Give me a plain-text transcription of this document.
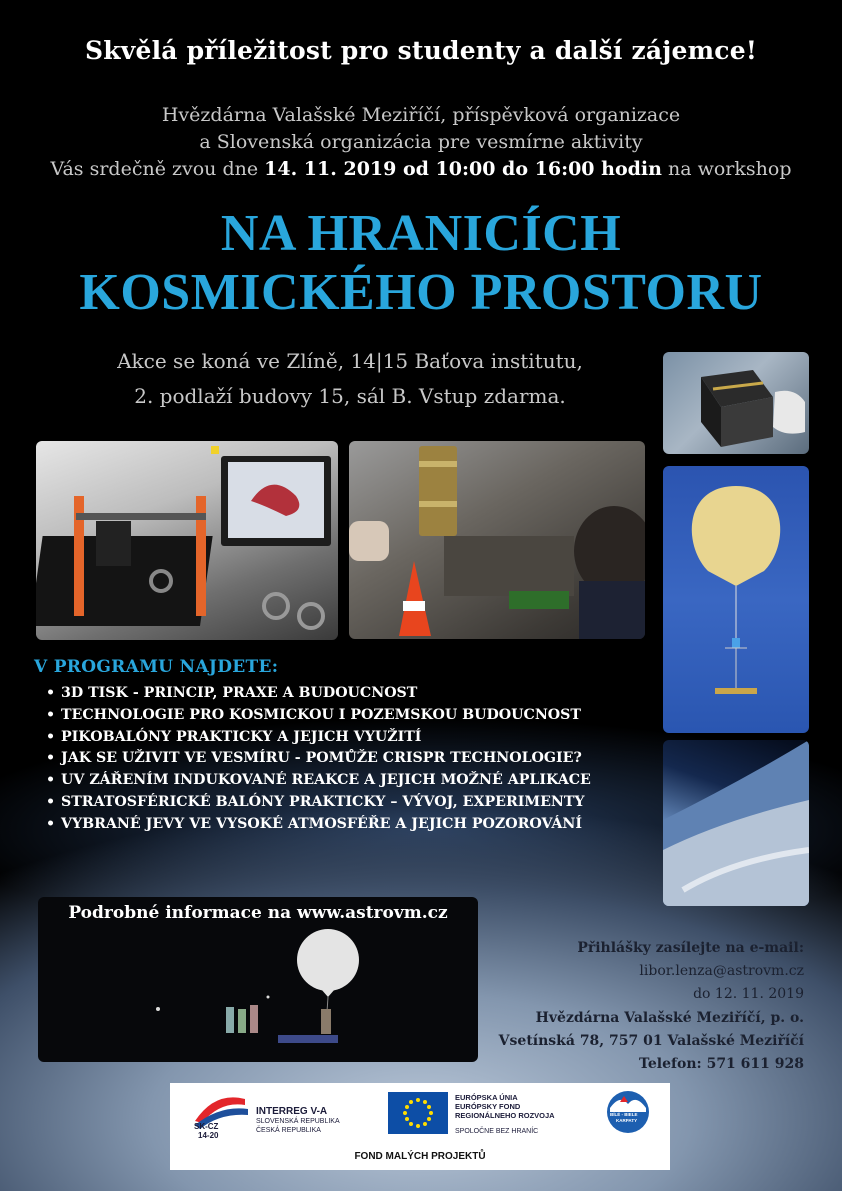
Skvělá příležitost pro studenty a další zájemce!
Hvězdárna Valašské Meziříčí, příspěvková organizace
a Slovenská organizácia pre vesmírne aktivity
Vás srdečně zvou dne 14. 11. 2019 od 10:00 do 16:00 hodin na workshop
NA HRANICÍCH
KOSMICKÉHO PROSTORU
Akce se koná ve Zlíně, 14|15 Baťova institutu,
2. podlaží budovy 15, sál B. Vstup zdarma.
Podrobné informace na www.astrovm.cz
V PROGRAMU NAJDETE:
• 3D TISK - PRINCIP, PRAXE A BUDOUCNOST
• TECHNOLOGIE PRO KOSMICKOU I POZEMSKOU BUDOUCNOST
• PIKOBALÓNY PRAKTICKY A JEJICH VYUŽITÍ
• JAK SE UŽIVIT VE VESMÍRU - POMŮŽE CRISPR TECHNOLOGIE?
• UV ZÁŘENÍM INDUKOVANÉ REAKCE A JEJICH MOŽNÉ APLIKACE
• STRATOSFÉRICKÉ BALÓNY PRAKTICKY – VÝVOJ, EXPERIMENTY
• VYBRANÉ JEVY VE VYSOKÉ ATMOSFÉŘE A JEJICH POZOROVÁNÍ
Přihlášky zasílejte na e-mail:
libor.lenza@astrovm.cz
do 12. 11. 2019
Hvězdárna Valašské Meziříčí, p. o.
Vsetínská 78, 757 01 Valašské Meziříčí
Telefon: 571 611 928
SK-CZ
14-20
INTERREG V-A
SLOVENSKÁ REPUBLIKA
ČESKÁ REPUBLIKA
EURÓPSKA ÚNIA
EURÓPSKY FOND
REGIONÁLNEHO ROZVOJA
SPOLOČNE BEZ HRANÍC
BÍLÉ - BIELE
KARPATY
FOND MALÝCH PROJEKTŮ
